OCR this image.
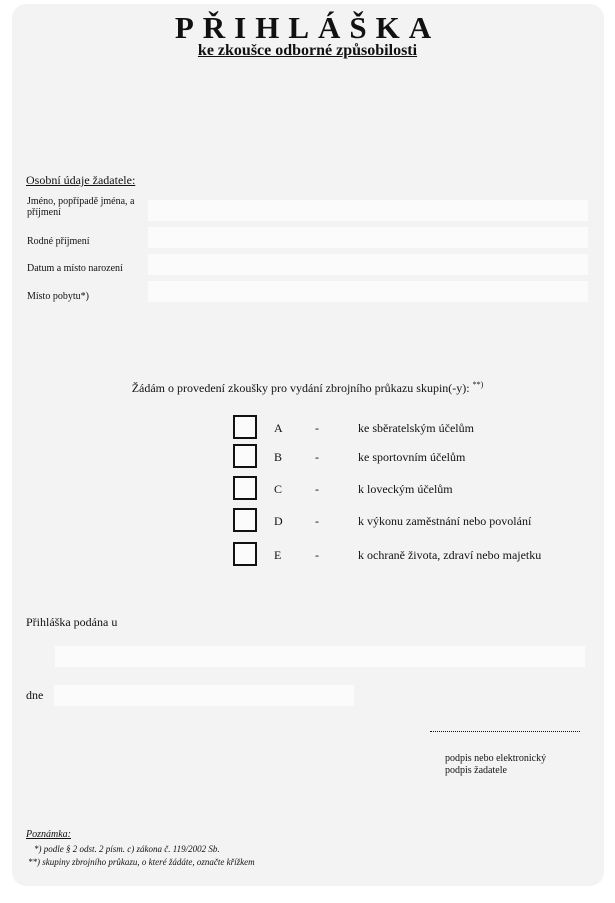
PŘIHLÁŠKA
ke zkoušce odborné způsobilosti
Osobní údaje žadatele:
Jméno, popřípadě jména, a příjmení
Rodné příjmení
Datum a místo narození
Místo pobytu*)
Žádám o provedení zkoušky pro vydání zbrojního průkazu skupin(-y): **)
A	-	ke sběratelským účelům
B	-	ke sportovním účelům
C	-	k loveckým účelům
D	-	k výkonu zaměstnání nebo povolání
E	-	k ochraně života, zdraví nebo majetku
Přihláška podána u
dne
podpis nebo elektronický
podpis žadatele
Poznámka:
*) podle § 2 odst. 2 písm. c) zákona č. 119/2002 Sb.
**) skupiny zbrojního průkazu, o které žádáte, označte křížkem
